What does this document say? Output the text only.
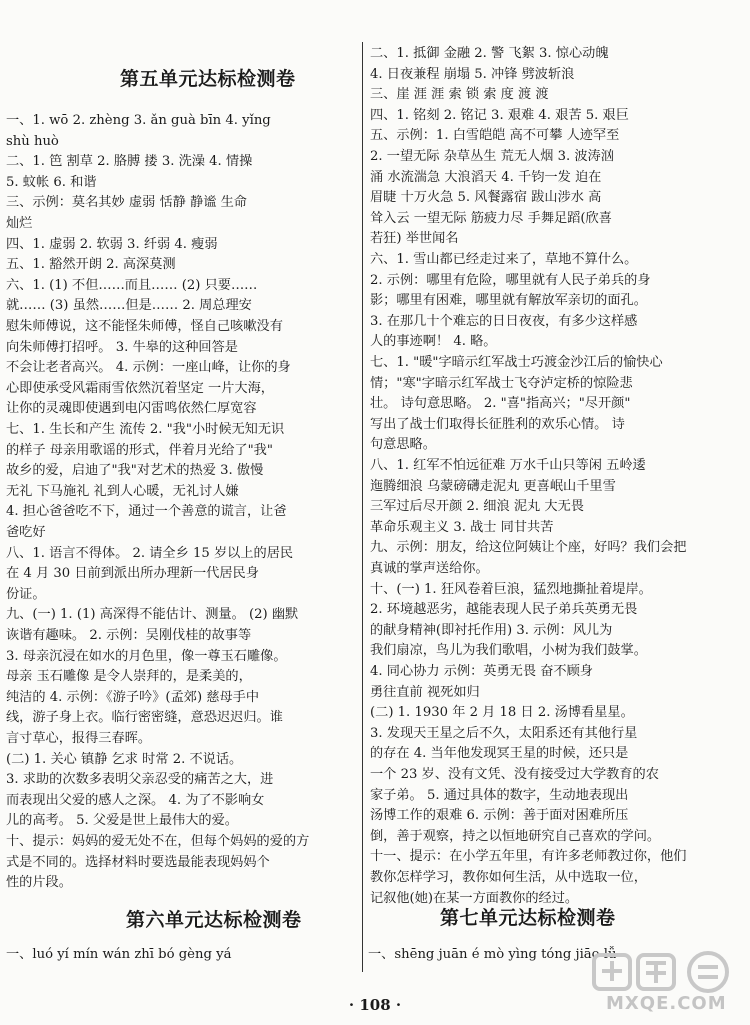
第五单元达标检测卷
一、1. wō 2. zhèng 3. ǎn guà bīn 4. yǐng
shù huò
二、1. 笆 割草 2. 胳膊 搂 3. 洗澡 4. 情操
5. 蚊帐 6. 和谐
三、示例：莫名其妙 虚弱 恬静 静谧 生命
灿烂
四、1. 虚弱 2. 软弱 3. 纤弱 4. 瘦弱
五、1. 豁然开朗 2. 高深莫测
六、1. (1) 不但……而且…… (2) 只要……
就…… (3) 虽然……但是…… 2. 周总理安
慰朱师傅说，这不能怪朱师傅，怪自己咳嗽没有
向朱师傅打招呼。 3. 牛皋的这种回答是
不会让老者高兴。 4. 示例：一座山峰，让你的身
心即使承受风霜雨雪依然沉着坚定 一片大海，
让你的灵魂即使遇到电闪雷鸣依然仁厚宽容
七、1. 生长和产生 流传 2. "我"小时候无知无识
的样子 母亲用歌谣的形式，伴着月光给了"我"
故乡的爱，启迪了"我"对艺术的热爱 3. 傲慢
无礼 下马施礼 礼到人心暖，无礼讨人嫌
4. 担心爸爸吃不下，通过一个善意的谎言，让爸
爸吃好
八、1. 语言不得体。 2. 请全乡 15 岁以上的居民
在 4 月 30 日前到派出所办理新一代居民身
份证。
九、(一) 1. (1) 高深得不能估计、测量。 (2) 幽默
诙谐有趣味。 2. 示例：吴刚伐桂的故事等
3. 母亲沉浸在如水的月色里，像一尊玉石雕像。
母亲 玉石雕像 是令人崇拜的，是柔美的，
纯洁的 4. 示例：《游子吟》(孟郊) 慈母手中
线，游子身上衣。临行密密缝，意恐迟迟归。谁
言寸草心，报得三春晖。
(二) 1. 关心 镇静 乞求 时常 2. 不说话。
3. 求助的次数多表明父亲忍受的痛苦之大，进
而表现出父爱的感人之深。 4. 为了不影响女
儿的高考。 5. 父爱是世上最伟大的爱。
十、提示：妈妈的爱无处不在，但每个妈妈的爱的方
式是不同的。选择材料时要选最能表现妈妈个
性的片段。
第六单元达标检测卷
一、luó yí mín wán zhī bó gèng yá
二、1. 抵御 金融 2. 警 飞絮 3. 惊心动魄
4. 日夜兼程 崩塌 5. 冲锋 劈波斩浪
三、崖 涯 涯 索 锁 索 度 渡 渡
四、1. 铭刻 2. 铭记 3. 艰难 4. 艰苦 5. 艰巨
五、示例：1. 白雪皑皑 高不可攀 人迹罕至
2. 一望无际 杂草丛生 荒无人烟 3. 波涛汹
涌 水流湍急 大浪滔天 4. 千钧一发 迫在
眉睫 十万火急 5. 风餐露宿 跋山涉水 高
耸入云 一望无际 筋疲力尽 手舞足蹈(欣喜
若狂) 举世闻名
六、1. 雪山都已经走过来了，草地不算什么。
2. 示例：哪里有危险，哪里就有人民子弟兵的身
影；哪里有困难，哪里就有解放军亲切的面孔。
3. 在那几十个难忘的日日夜夜，有多少这样感
人的事迹啊！ 4. 略。
七、1. "暖"字暗示红军战士巧渡金沙江后的愉快心
情；"寒"字暗示红军战士飞夺泸定桥的惊险悲
壮。 诗句意思略。 2. "喜"指高兴；"尽开颜"
写出了战士们取得长征胜利的欢乐心情。 诗
句意思略。
八、1. 红军不怕远征难 万水千山只等闲 五岭逶
迤腾细浪 乌蒙磅礴走泥丸 更喜岷山千里雪
三军过后尽开颜 2. 细浪 泥丸 大无畏
革命乐观主义 3. 战士 同甘共苦
九、示例：朋友，给这位阿姨让个座，好吗？我们会把
真诚的掌声送给你。
十、(一) 1. 狂风卷着巨浪，猛烈地撕扯着堤岸。
2. 环境越恶劣，越能表现人民子弟兵英勇无畏
的献身精神(即衬托作用) 3. 示例：风儿为
我们扇凉，鸟儿为我们歌唱，小树为我们鼓掌。
4. 同心协力 示例：英勇无畏 奋不顾身
勇往直前 视死如归
(二) 1. 1930 年 2 月 18 日 2. 汤博看星星。
3. 发现天王星之后不久，太阳系还有其他行星
的存在 4. 当年他发现冥王星的时候，还只是
一个 23 岁、没有文凭、没有接受过大学教育的农
家子弟。 5. 通过具体的数字，生动地表现出
汤博工作的艰难 6. 示例：善于面对困难所压
倒，善于观察，持之以恒地研究自己喜欢的学问。
十一、提示：在小学五年里，有许多老师教过你，他们
教你怎样学习，教你如何生活，从中选取一位，
记叙他(她)在某一方面教你的经过。
第七单元达标检测卷
一、shēng juān é mò yìng tóng jiāo lǚ
· 108 ·	MXQE.COM
